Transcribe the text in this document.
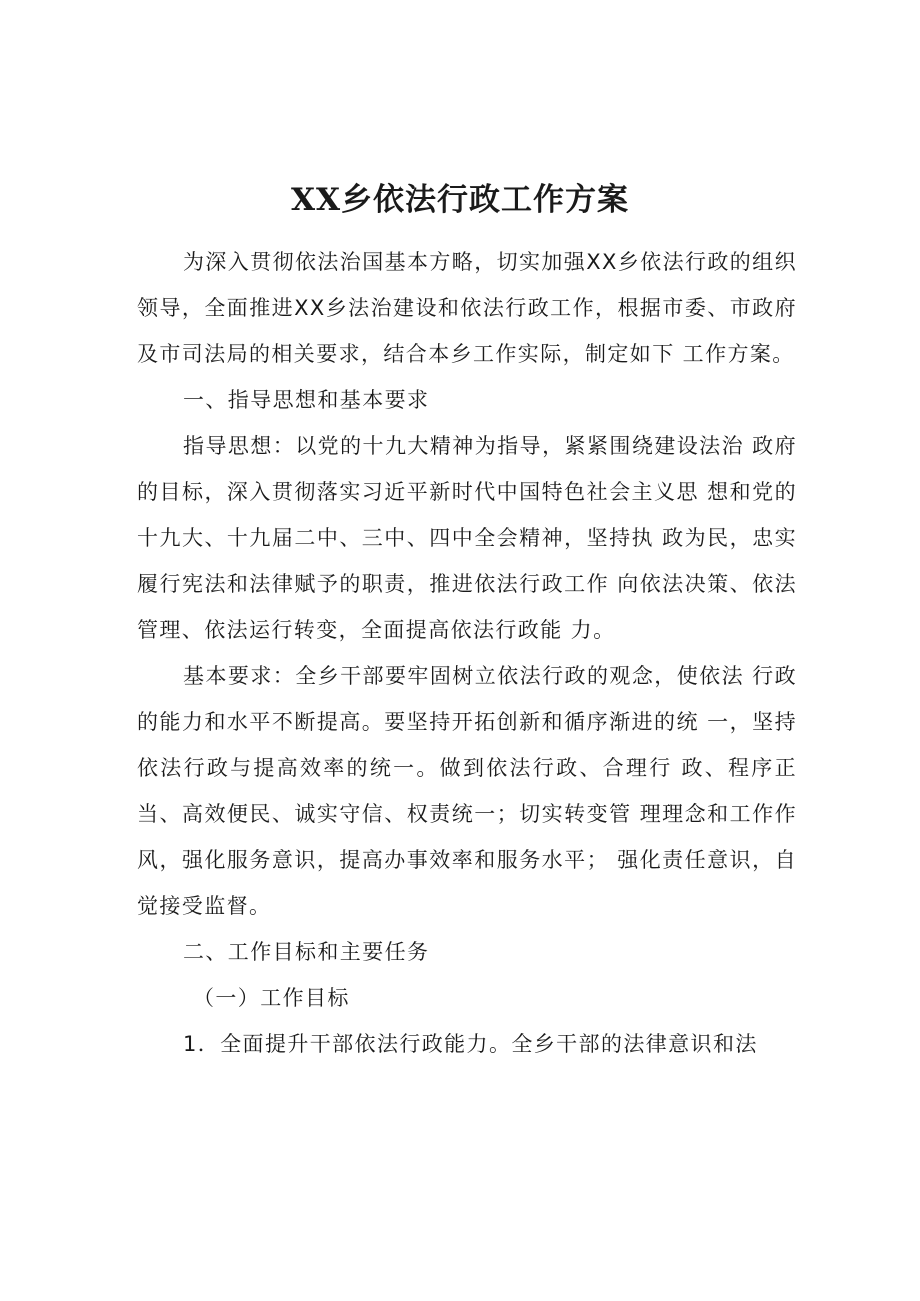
XX乡依法行政工作方案

为深入贯彻依法治国基本方略，切实加强XX乡依法行政的组织领导，全面推进XX乡法治建设和依法行政工作，根据市委、市政府及市司法局的相关要求，结合本乡工作实际，制定如下 工作方案。

一、指导思想和基本要求

指导思想：以党的十九大精神为指导，紧紧围绕建设法治 政府的目标，深入贯彻落实习近平新时代中国特色社会主义思 想和党的十九大、十九届二中、三中、四中全会精神，坚持执 政为民，忠实履行宪法和法律赋予的职责，推进依法行政工作 向依法决策、依法管理、依法运行转变，全面提高依法行政能 力。

基本要求：全乡干部要牢固树立依法行政的观念，使依法 行政的能力和水平不断提高。要坚持开拓创新和循序渐进的统 一，坚持依法行政与提高效率的统一。做到依法行政、合理行 政、程序正当、高效便民、诚实守信、权责统一；切实转变管 理理念和工作作风，强化服务意识，提高办事效率和服务水平； 强化责任意识，自觉接受监督。

二、工作目标和主要任务

（一）工作目标

1．全面提升干部依法行政能力。全乡干部的法律意识和法
